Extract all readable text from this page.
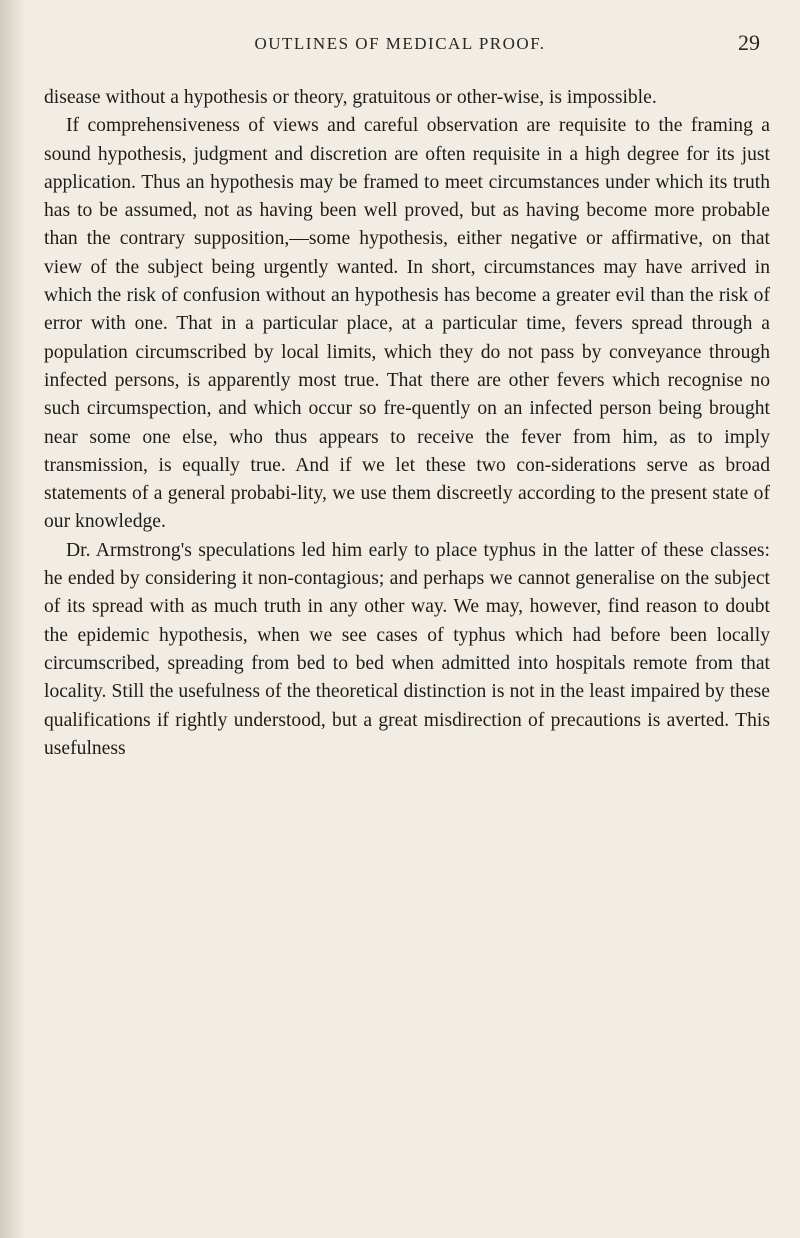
OUTLINES OF MEDICAL PROOF.	29

disease without a hypothesis or theory, gratuitous or other-wise, is impossible.

If comprehensiveness of views and careful observation are requisite to the framing a sound hypothesis, judgment and discretion are often requisite in a high degree for its just application. Thus an hypothesis may be framed to meet circumstances under which its truth has to be assumed, not as having been well proved, but as having become more probable than the contrary supposition,—some hypothesis, either negative or affirmative, on that view of the subject being urgently wanted. In short, circumstances may have arrived in which the risk of confusion without an hypothesis has become a greater evil than the risk of error with one. That in a particular place, at a particular time, fevers spread through a population circumscribed by local limits, which they do not pass by conveyance through infected persons, is apparently most true. That there are other fevers which recognise no such circumspection, and which occur so fre-quently on an infected person being brought near some one else, who thus appears to receive the fever from him, as to imply transmission, is equally true. And if we let these two con-siderations serve as broad statements of a general probabi-lity, we use them discreetly according to the present state of our knowledge.

Dr. Armstrong's speculations led him early to place typhus in the latter of these classes: he ended by considering it non-contagious; and perhaps we cannot generalise on the subject of its spread with as much truth in any other way. We may, however, find reason to doubt the epidemic hypothesis, when we see cases of typhus which had before been locally circumscribed, spreading from bed to bed when admitted into hospitals remote from that locality. Still the usefulness of the theoretical distinction is not in the least impaired by these qualifications if rightly understood, but a great misdirection of precautions is averted. This usefulness
